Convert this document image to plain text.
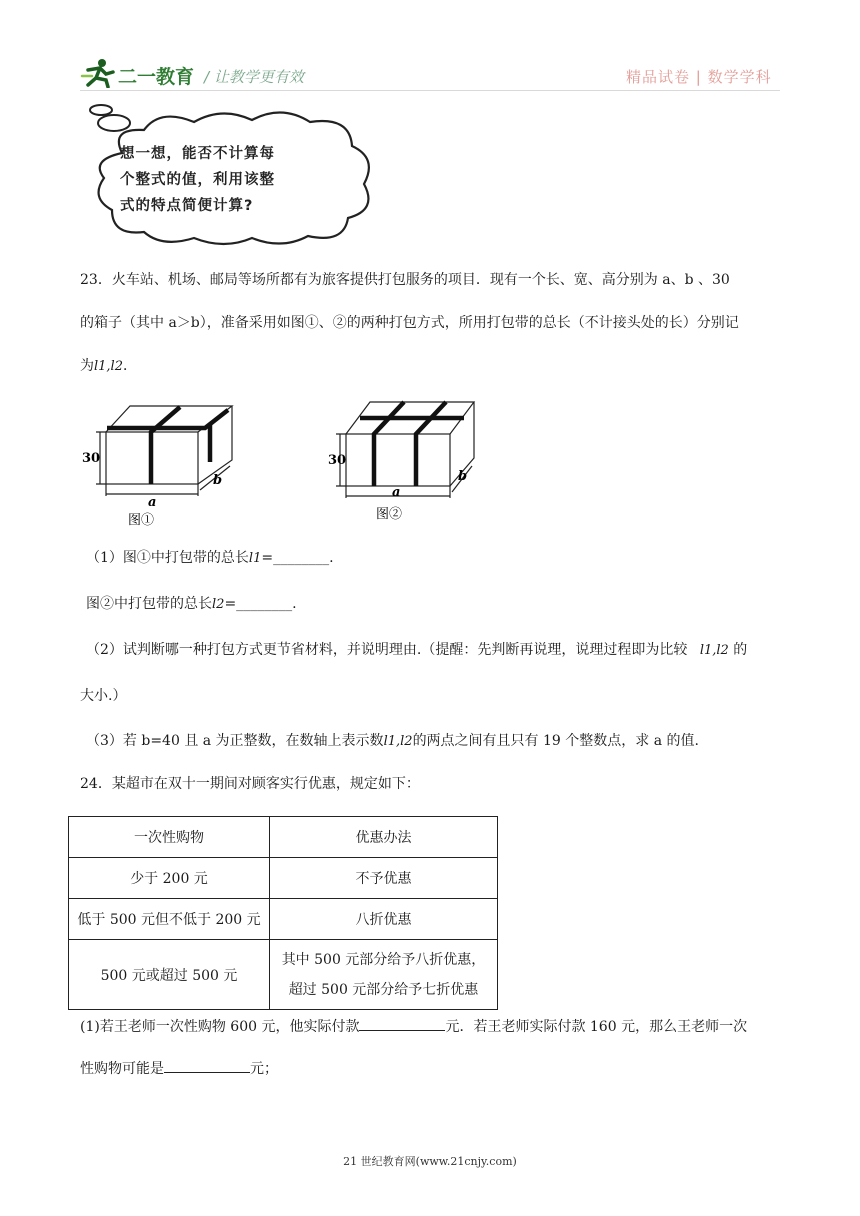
二一教育 / 让教学更有效	精品试卷 | 数学学科
想一想，能否不计算每
个整式的值，利用该整
式的特点简便计算?
23．火车站、机场、邮局等场所都有为旅客提供打包服务的项目．现有一个长、宽、高分别为 a、b 、30
的箱子（其中 a＞b），准备采用如图①、②的两种打包方式，所用打包带的总长（不计接头处的长）分别记
为l1,l2．
30
a
b
图①
30
a
b
图②
（1）图①中打包带的总长l1=________.
图②中打包带的总长l2=________.
（2）试判断哪一种打包方式更节省材料，并说明理由.（提醒：先判断再说理，说理过程即为比较 l1,l2 的
大小.）
（3）若 b=40 且 a 为正整数，在数轴上表示数l1,l2的两点之间有且只有 19 个整数点，求 a 的值.
24．某超市在双十一期间对顾客实行优惠，规定如下：
一次性购物	优惠办法
少于 200 元	不予优惠
低于 500 元但不低于 200 元	八折优惠
500 元或超过 500 元	其中 500 元部分给予八折优惠，
超过 500 元部分给予七折优惠
(1)若王老师一次性购物 600 元，他实际付款	元．若王老师实际付款 160 元，那么王老师一次
性购物可能是	元；
21 世纪教育网(www.21cnjy.com)
